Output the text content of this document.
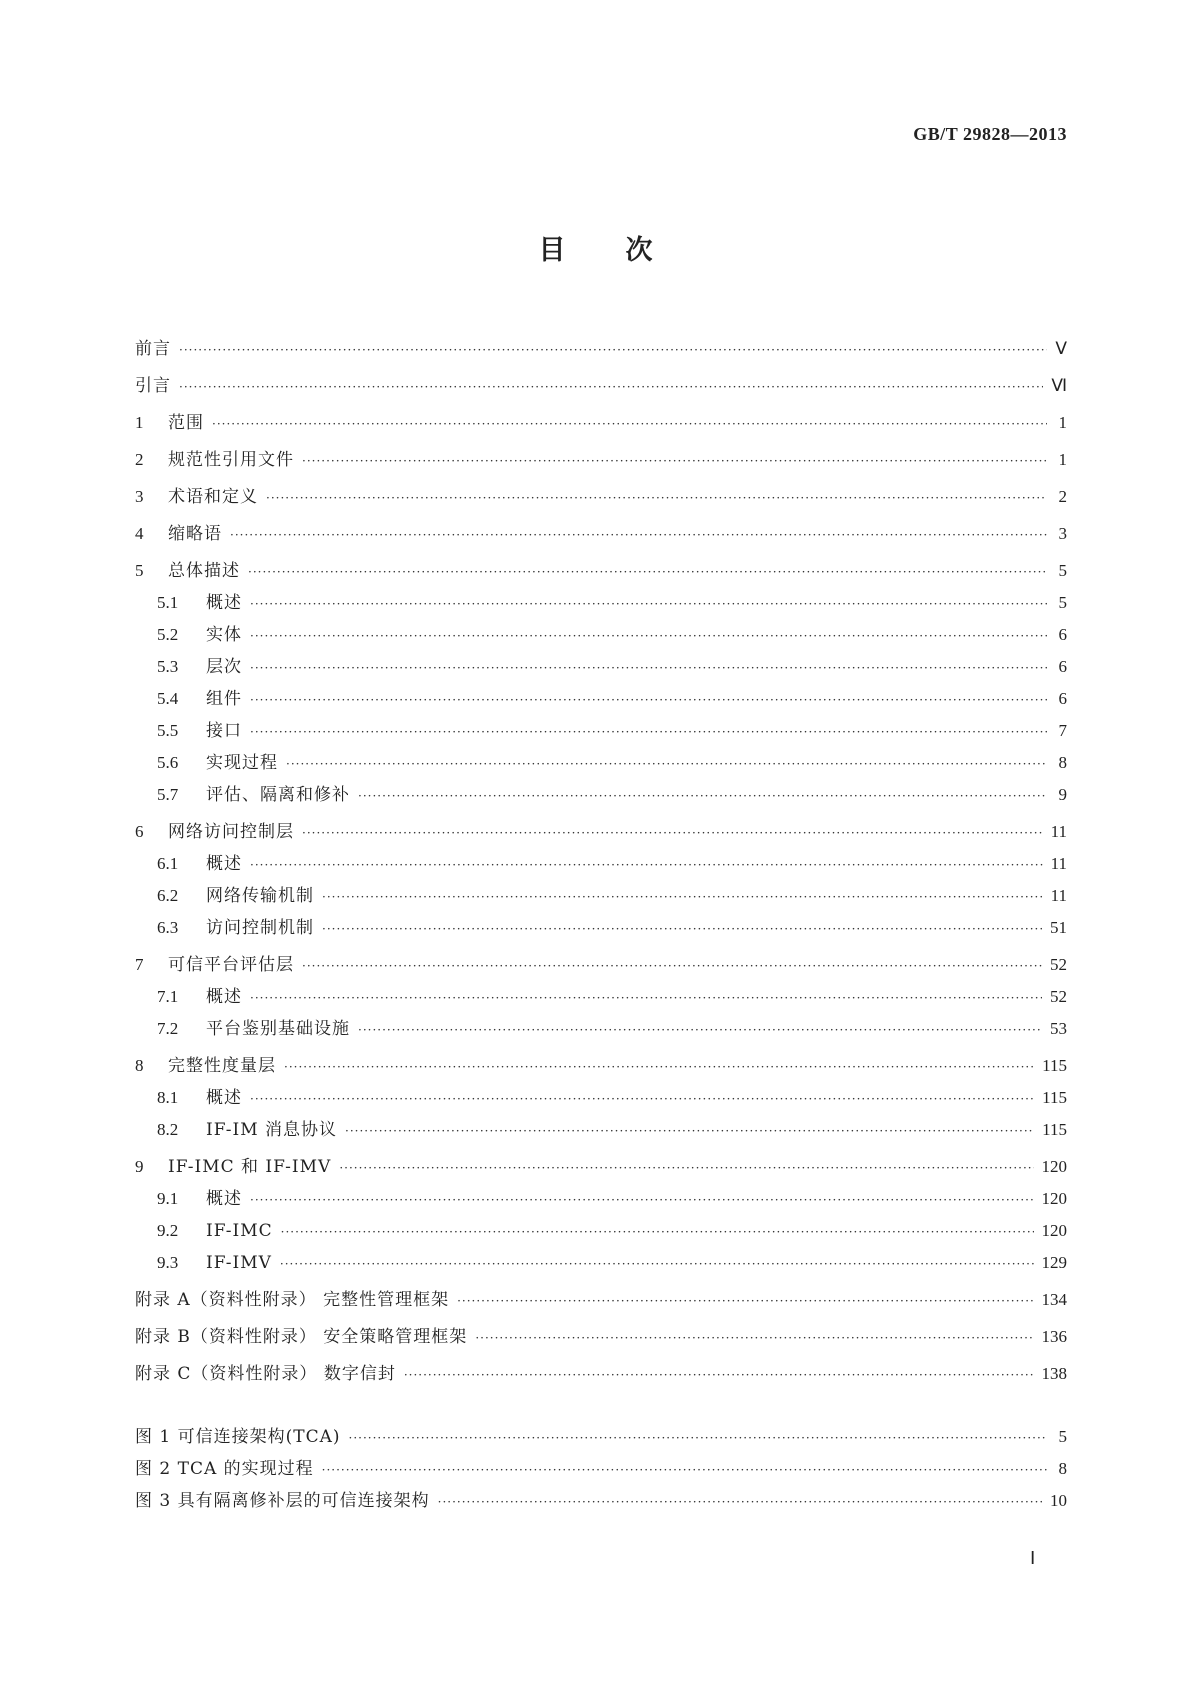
GB/T 29828—2013
目 次
前言 ·····	Ⅴ
引言 ·····	Ⅵ
1	范围 ·····	1
2	规范性引用文件 ·····	1
3	术语和定义 ·····	2
4	缩略语 ·····	3
5	总体描述 ·····	5
5.1	概述 ·····	5
5.2	实体 ·····	6
5.3	层次 ·····	6
5.4	组件 ·····	6
5.5	接口 ·····	7
5.6	实现过程 ·····	8
5.7	评估、隔离和修补 ·····	9
6	网络访问控制层 ·····	11
6.1	概述 ·····	11
6.2	网络传输机制 ·····	11
6.3	访问控制机制 ·····	51
7	可信平台评估层 ·····	52
7.1	概述 ·····	52
7.2	平台鉴别基础设施 ·····	53
8	完整性度量层 ·····	115
8.1	概述 ·····	115
8.2	IF-IM 消息协议 ·····	115
9	IF-IMC 和 IF-IMV ·····	120
9.1	概述 ·····	120
9.2	IF-IMC ·····	120
9.3	IF-IMV ·····	129
附录 A（资料性附录） 完整性管理框架 ·····	134
附录 B（资料性附录） 安全策略管理框架 ·····	136
附录 C（资料性附录） 数字信封 ·····	138
图 1 可信连接架构(TCA) ·····	5
图 2 TCA 的实现过程 ·····	8
图 3 具有隔离修补层的可信连接架构 ·····	10
Ⅰ
